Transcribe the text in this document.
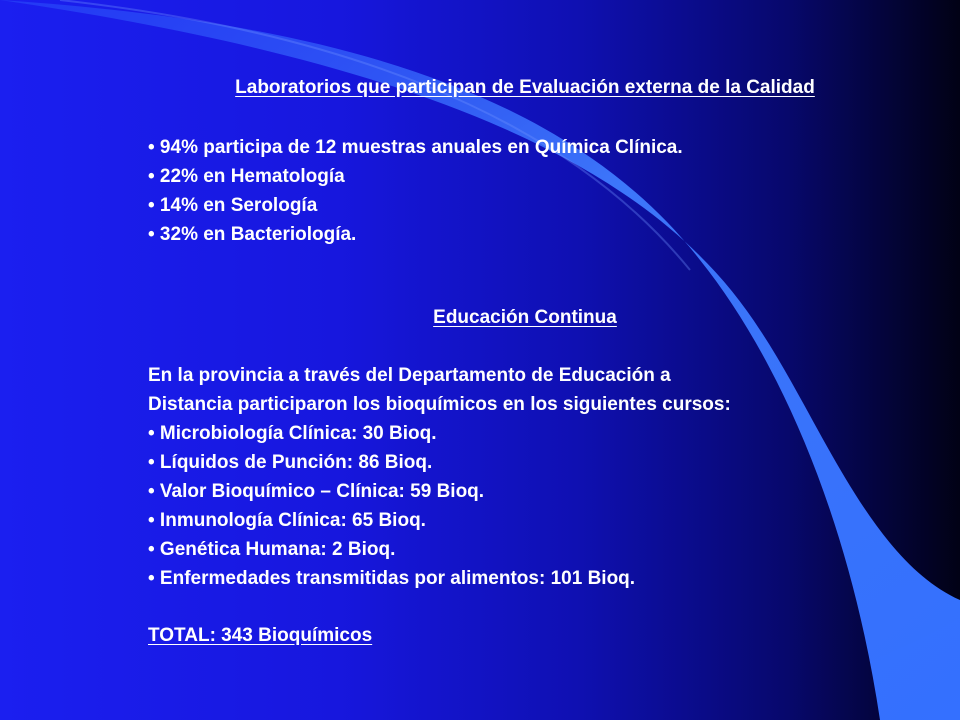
Laboratorios que participan de Evaluación externa de la Calidad
• 94% participa de 12 muestras anuales en Química Clínica.
• 22% en Hematología
• 14% en Serología
• 32% en Bacteriología.
Educación Continua
En la provincia a través del Departamento de Educación a
Distancia participaron los bioquímicos en los siguientes cursos:
• Microbiología Clínica: 30 Bioq.
• Líquidos de Punción: 86 Bioq.
• Valor Bioquímico – Clínica: 59 Bioq.
• Inmunología Clínica: 65 Bioq.
• Genética Humana: 2 Bioq.
• Enfermedades transmitidas por alimentos: 101 Bioq.
TOTAL: 343 Bioquímicos
